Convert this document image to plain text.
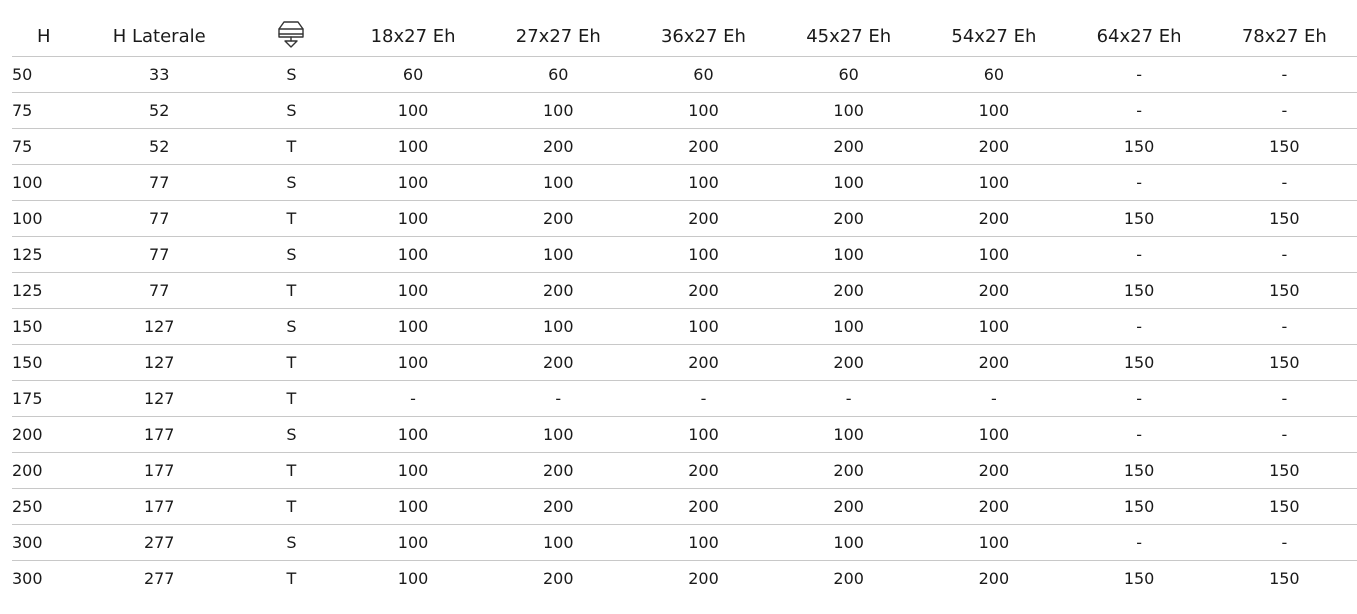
H	H Laterale		18x27 Eh	27x27 Eh	36x27 Eh	45x27 Eh	54x27 Eh	64x27 Eh	78x27 Eh
50	33	S	60	60	60	60	60	-	-
75	52	S	100	100	100	100	100	-	-
75	52	T	100	200	200	200	200	150	150
100	77	S	100	100	100	100	100	-	-
100	77	T	100	200	200	200	200	150	150
125	77	S	100	100	100	100	100	-	-
125	77	T	100	200	200	200	200	150	150
150	127	S	100	100	100	100	100	-	-
150	127	T	100	200	200	200	200	150	150
175	127	T	-	-	-	-	-	-	-
200	177	S	100	100	100	100	100	-	-
200	177	T	100	200	200	200	200	150	150
250	177	T	100	200	200	200	200	150	150
300	277	S	100	100	100	100	100	-	-
300	277	T	100	200	200	200	200	150	150
